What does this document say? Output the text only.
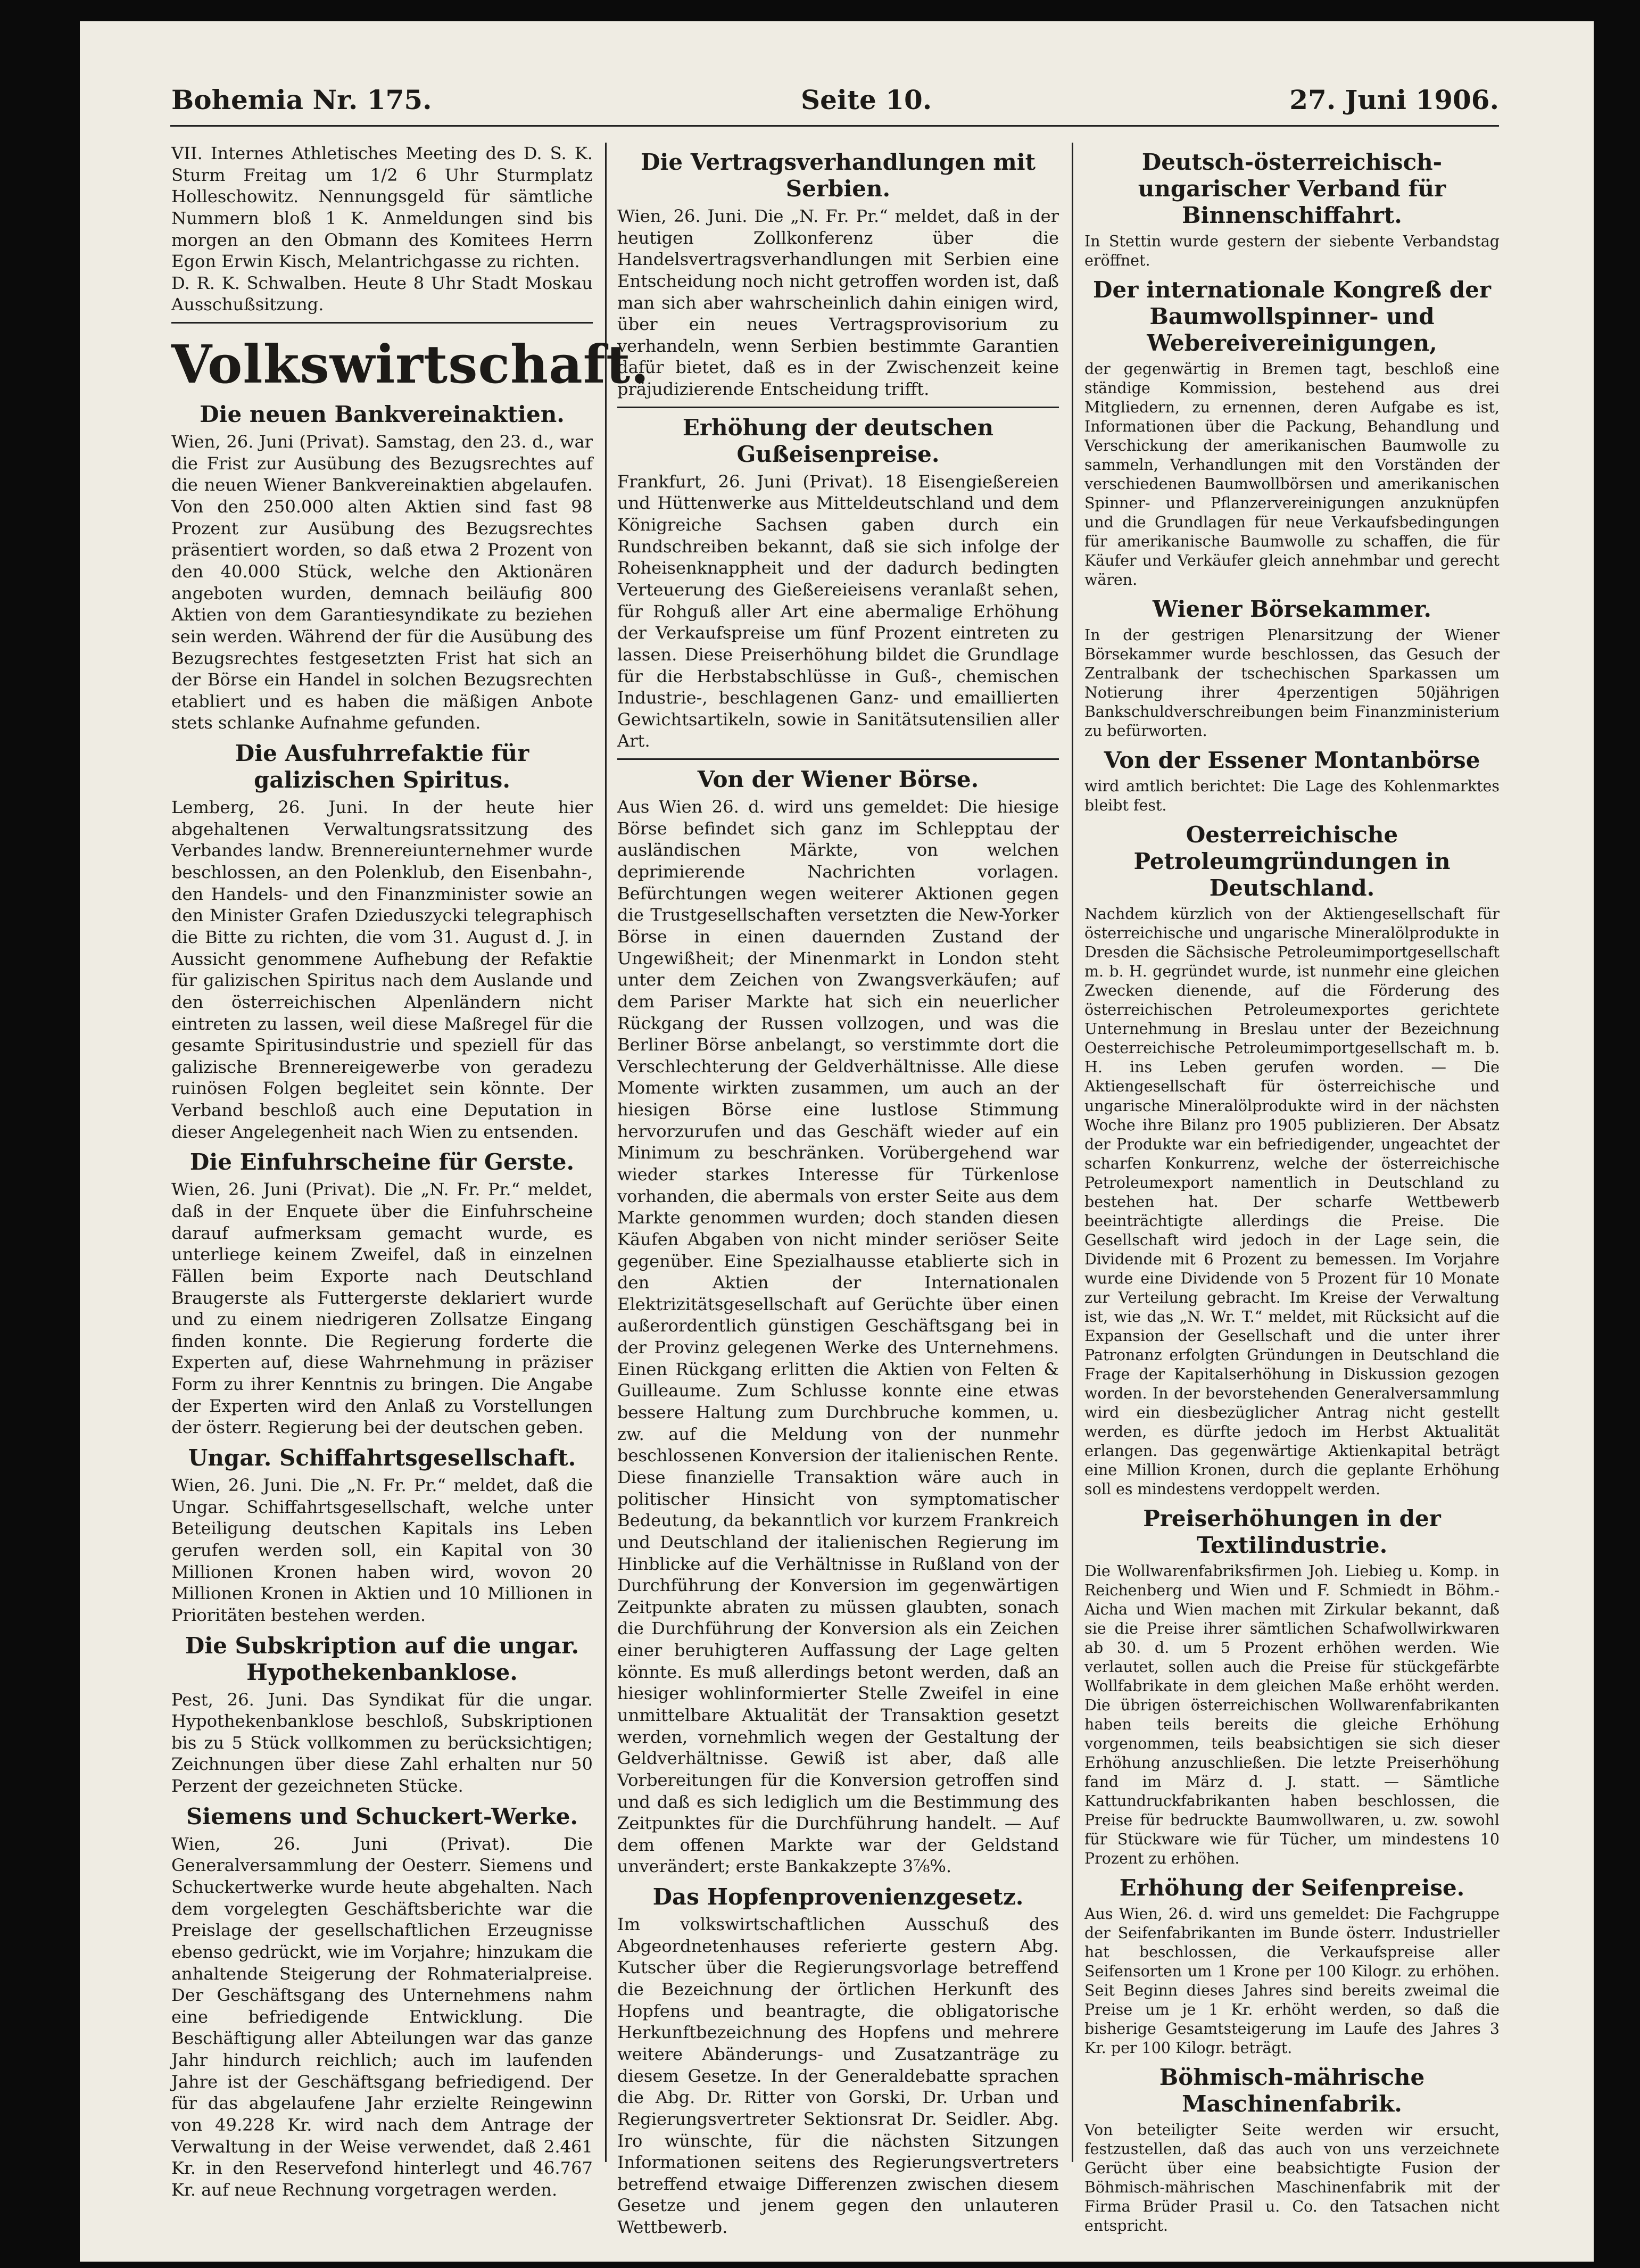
Bohemia Nr. 175.	Seite 10.	27. Juni 1906.

VII. Internes Athletisches Meeting des D. S. K. Sturm Freitag um 1/2 6 Uhr Sturmplatz Holleschowitz. Nennungsgeld für sämtliche Nummern bloß 1 K. Anmeldungen sind bis morgen an den Obmann des Komitees Herrn Egon Erwin Kisch, Melantrichgasse zu richten.

D. R. K. Schwalben. Heute 8 Uhr Stadt Moskau Ausschußsitzung.

Volkswirtschaft.
Die neuen Bankvereinaktien.

Wien, 26. Juni (Privat). Samstag, den 23. d., war die Frist zur Ausübung des Bezugsrechtes auf die neuen Wiener Bankvereinaktien abgelaufen. Von den 250.000 alten Aktien sind fast 98 Prozent zur Ausübung des Bezugsrechtes präsentiert worden, so daß etwa 2 Prozent von den 40.000 Stück, welche den Aktionären angeboten wurden, demnach beiläufig 800 Aktien von dem Garantiesyndikate zu beziehen sein werden. Während der für die Ausübung des Bezugsrechtes festgesetzten Frist hat sich an der Börse ein Handel in solchen Bezugsrechten etabliert und es haben die mäßigen Anbote stets schlanke Aufnahme gefunden.

Die Ausfuhrrefaktie für galizischen Spiritus.

Lemberg, 26. Juni. In der heute hier abgehaltenen Verwaltungsratssitzung des Verbandes landw. Brennereiunternehmer wurde beschlossen, an den Polenklub, den Eisenbahn-, den Handels- und den Finanzminister sowie an den Minister Grafen Dzieduszycki telegraphisch die Bitte zu richten, die vom 31. August d. J. in Aussicht genommene Aufhebung der Refaktie für galizischen Spiritus nach dem Auslande und den österreichischen Alpenländern nicht eintreten zu lassen, weil diese Maßregel für die gesamte Spiritusindustrie und speziell für das galizische Brennereigewerbe von geradezu ruinösen Folgen begleitet sein könnte. Der Verband beschloß auch eine Deputation in dieser Angelegenheit nach Wien zu entsenden.

Die Einfuhrscheine für Gerste.

Wien, 26. Juni (Privat). Die „N. Fr. Pr.“ meldet, daß in der Enquete über die Einfuhrscheine darauf aufmerksam gemacht wurde, es unterliege keinem Zweifel, daß in einzelnen Fällen beim Exporte nach Deutschland Braugerste als Futtergerste deklariert wurde und zu einem niedrigeren Zollsatze Eingang finden konnte. Die Regierung forderte die Experten auf, diese Wahrnehmung in präziser Form zu ihrer Kenntnis zu bringen. Die Angabe der Experten wird den Anlaß zu Vorstellungen der österr. Regierung bei der deutschen geben.

Ungar. Schiffahrtsgesellschaft.

Wien, 26. Juni. Die „N. Fr. Pr.“ meldet, daß die Ungar. Schiffahrtsgesellschaft, welche unter Beteiligung deutschen Kapitals ins Leben gerufen werden soll, ein Kapital von 30 Millionen Kronen haben wird, wovon 20 Millionen Kronen in Aktien und 10 Millionen in Prioritäten bestehen werden.

Die Subskription auf die ungar. Hypothekenbanklose.

Pest, 26. Juni. Das Syndikat für die ungar. Hypothekenbanklose beschloß, Subskriptionen bis zu 5 Stück vollkommen zu berücksichtigen; Zeichnungen über diese Zahl erhalten nur 50 Perzent der gezeichneten Stücke.

Siemens und Schuckert-Werke.

Wien, 26. Juni (Privat). Die Generalversammlung der Oesterr. Siemens und Schuckertwerke wurde heute abgehalten. Nach dem vorgelegten Geschäftsberichte war die Preislage der gesellschaftlichen Erzeugnisse ebenso gedrückt, wie im Vorjahre; hinzukam die anhaltende Steigerung der Rohmaterialpreise. Der Geschäftsgang des Unternehmens nahm eine befriedigende Entwicklung. Die Beschäftigung aller Abteilungen war das ganze Jahr hindurch reichlich; auch im laufenden Jahre ist der Geschäftsgang befriedigend. Der für das abgelaufene Jahr erzielte Reingewinn von 49.228 Kr. wird nach dem Antrage der Verwaltung in der Weise verwendet, daß 2.461 Kr. in den Reservefond hinterlegt und 46.767 Kr. auf neue Rechnung vorgetragen werden.

Die Vertragsverhandlungen mit Serbien.

Wien, 26. Juni. Die „N. Fr. Pr.“ meldet, daß in der heutigen Zollkonferenz über die Handelsvertragsverhandlungen mit Serbien eine Entscheidung noch nicht getroffen worden ist, daß man sich aber wahrscheinlich dahin einigen wird, über ein neues Vertragsprovisorium zu verhandeln, wenn Serbien bestimmte Garantien dafür bietet, daß es in der Zwischenzeit keine präjudizierende Entscheidung trifft.

Erhöhung der deutschen Gußeisenpreise.

Frankfurt, 26. Juni (Privat). 18 Eisengießereien und Hüttenwerke aus Mitteldeutschland und dem Königreiche Sachsen gaben durch ein Rundschreiben bekannt, daß sie sich infolge der Roheisenknappheit und der dadurch bedingten Verteuerung des Gießereieisens veranlaßt sehen, für Rohguß aller Art eine abermalige Erhöhung der Verkaufspreise um fünf Prozent eintreten zu lassen. Diese Preiserhöhung bildet die Grundlage für die Herbstabschlüsse in Guß-, chemischen Industrie-, beschlagenen Ganz- und emaillierten Gewichtsartikeln, sowie in Sanitätsutensilien aller Art.

Von der Wiener Börse.

Aus Wien 26. d. wird uns gemeldet: Die hiesige Börse befindet sich ganz im Schlepptau der ausländischen Märkte, von welchen deprimierende Nachrichten vorlagen. Befürchtungen wegen weiterer Aktionen gegen die Trustgesellschaften versetzten die New-Yorker Börse in einen dauernden Zustand der Ungewißheit; der Minenmarkt in London steht unter dem Zeichen von Zwangsverkäufen; auf dem Pariser Markte hat sich ein neuerlicher Rückgang der Russen vollzogen, und was die Berliner Börse anbelangt, so verstimmte dort die Verschlechterung der Geldverhältnisse. Alle diese Momente wirkten zusammen, um auch an der hiesigen Börse eine lustlose Stimmung hervorzurufen und das Geschäft wieder auf ein Minimum zu beschränken. Vorübergehend war wieder starkes Interesse für Türkenlose vorhanden, die abermals von erster Seite aus dem Markte genommen wurden; doch standen diesen Käufen Abgaben von nicht minder seriöser Seite gegenüber. Eine Spezialhausse etablierte sich in den Aktien der Internationalen Elektrizitätsgesellschaft auf Gerüchte über einen außerordentlich günstigen Geschäftsgang bei in der Provinz gelegenen Werke des Unternehmens. Einen Rückgang erlitten die Aktien von Felten & Guilleaume. Zum Schlusse konnte eine etwas bessere Haltung zum Durchbruche kommen, u. zw. auf die Meldung von der nunmehr beschlossenen Konversion der italienischen Rente. Diese finanzielle Transaktion wäre auch in politischer Hinsicht von symptomatischer Bedeutung, da bekanntlich vor kurzem Frankreich und Deutschland der italienischen Regierung im Hinblicke auf die Verhältnisse in Rußland von der Durchführung der Konversion im gegenwärtigen Zeitpunkte abraten zu müssen glaubten, sonach die Durchführung der Konversion als ein Zeichen einer beruhigteren Auffassung der Lage gelten könnte. Es muß allerdings betont werden, daß an hiesiger wohlinformierter Stelle Zweifel in eine unmittelbare Aktualität der Transaktion gesetzt werden, vornehmlich wegen der Gestaltung der Geldverhältnisse. Gewiß ist aber, daß alle Vorbereitungen für die Konversion getroffen sind und daß es sich lediglich um die Bestimmung des Zeitpunktes für die Durchführung handelt. — Auf dem offenen Markte war der Geldstand unverändert; erste Bankakzepte 3⅞%.

Das Hopfenprovenienzgesetz.

Im volkswirtschaftlichen Ausschuß des Abgeordnetenhauses referierte gestern Abg. Kutscher über die Regierungsvorlage betreffend die Bezeichnung der örtlichen Herkunft des Hopfens und beantragte, die obligatorische Herkunftbezeichnung des Hopfens und mehrere weitere Abänderungs- und Zusatzanträge zu diesem Gesetze. In der Generaldebatte sprachen die Abg. Dr. Ritter von Gorski, Dr. Urban und Regierungsvertreter Sektionsrat Dr. Seidler. Abg. Iro wünschte, für die nächsten Sitzungen Informationen seitens des Regierungsvertreters betreffend etwaige Differenzen zwischen diesem Gesetze und jenem gegen den unlauteren Wettbewerb.

Deutsch-österreichisch-ungarischer Verband für Binnenschiffahrt.

In Stettin wurde gestern der siebente Verbandstag eröffnet.

Der internationale Kongreß der Baumwollspinner- und Webereivereinigungen,

der gegenwärtig in Bremen tagt, beschloß eine ständige Kommission, bestehend aus drei Mitgliedern, zu ernennen, deren Aufgabe es ist, Informationen über die Packung, Behandlung und Verschickung der amerikanischen Baumwolle zu sammeln, Verhandlungen mit den Vorständen der verschiedenen Baumwollbörsen und amerikanischen Spinner- und Pflanzervereinigungen anzuknüpfen und die Grundlagen für neue Verkaufsbedingungen für amerikanische Baumwolle zu schaffen, die für Käufer und Verkäufer gleich annehmbar und gerecht wären.

Wiener Börsekammer.

In der gestrigen Plenarsitzung der Wiener Börsekammer wurde beschlossen, das Gesuch der Zentralbank der tschechischen Sparkassen um Notierung ihrer 4perzentigen 50jährigen Bankschuldverschreibungen beim Finanzministerium zu befürworten.

Von der Essener Montanbörse

wird amtlich berichtet: Die Lage des Kohlenmarktes bleibt fest.

Oesterreichische Petroleumgründungen in Deutschland.

Nachdem kürzlich von der Aktiengesellschaft für österreichische und ungarische Mineralölprodukte in Dresden die Sächsische Petroleumimportgesellschaft m. b. H. gegründet wurde, ist nunmehr eine gleichen Zwecken dienende, auf die Förderung des österreichischen Petroleumexportes gerichtete Unternehmung in Breslau unter der Bezeichnung Oesterreichische Petroleumimportgesellschaft m. b. H. ins Leben gerufen worden. — Die Aktiengesellschaft für österreichische und ungarische Mineralölprodukte wird in der nächsten Woche ihre Bilanz pro 1905 publizieren. Der Absatz der Produkte war ein befriedigender, ungeachtet der scharfen Konkurrenz, welche der österreichische Petroleumexport namentlich in Deutschland zu bestehen hat. Der scharfe Wettbewerb beeinträchtigte allerdings die Preise. Die Gesellschaft wird jedoch in der Lage sein, die Dividende mit 6 Prozent zu bemessen. Im Vorjahre wurde eine Dividende von 5 Prozent für 10 Monate zur Verteilung gebracht. Im Kreise der Verwaltung ist, wie das „N. Wr. T.“ meldet, mit Rücksicht auf die Expansion der Gesellschaft und die unter ihrer Patronanz erfolgten Gründungen in Deutschland die Frage der Kapitalserhöhung in Diskussion gezogen worden. In der bevorstehenden Generalversammlung wird ein diesbezüglicher Antrag nicht gestellt werden, es dürfte jedoch im Herbst Aktualität erlangen. Das gegenwärtige Aktienkapital beträgt eine Million Kronen, durch die geplante Erhöhung soll es mindestens verdoppelt werden.

Preiserhöhungen in der Textilindustrie.

Die Wollwarenfabriksfirmen Joh. Liebieg u. Komp. in Reichenberg und Wien und F. Schmiedt in Böhm.-Aicha und Wien machen mit Zirkular bekannt, daß sie die Preise ihrer sämtlichen Schafwollwirkwaren ab 30. d. um 5 Prozent erhöhen werden. Wie verlautet, sollen auch die Preise für stückgefärbte Wollfabrikate in dem gleichen Maße erhöht werden. Die übrigen österreichischen Wollwarenfabrikanten haben teils bereits die gleiche Erhöhung vorgenommen, teils beabsichtigen sie sich dieser Erhöhung anzuschließen. Die letzte Preiserhöhung fand im März d. J. statt. — Sämtliche Kattundruckfabrikanten haben beschlossen, die Preise für bedruckte Baumwollwaren, u. zw. sowohl für Stückware wie für Tücher, um mindestens 10 Prozent zu erhöhen.

Erhöhung der Seifenpreise.

Aus Wien, 26. d. wird uns gemeldet: Die Fachgruppe der Seifenfabrikanten im Bunde österr. Industrieller hat beschlossen, die Verkaufspreise aller Seifensorten um 1 Krone per 100 Kilogr. zu erhöhen. Seit Beginn dieses Jahres sind bereits zweimal die Preise um je 1 Kr. erhöht werden, so daß die bisherige Gesamtsteigerung im Laufe des Jahres 3 Kr. per 100 Kilogr. beträgt.

Böhmisch-mährische Maschinenfabrik.

Von beteiligter Seite werden wir ersucht, festzustellen, daß das auch von uns verzeichnete Gerücht über eine beabsichtigte Fusion der Böhmisch-mährischen Maschinenfabrik mit der Firma Brüder Prasil u. Co. den Tatsachen nicht entspricht.
